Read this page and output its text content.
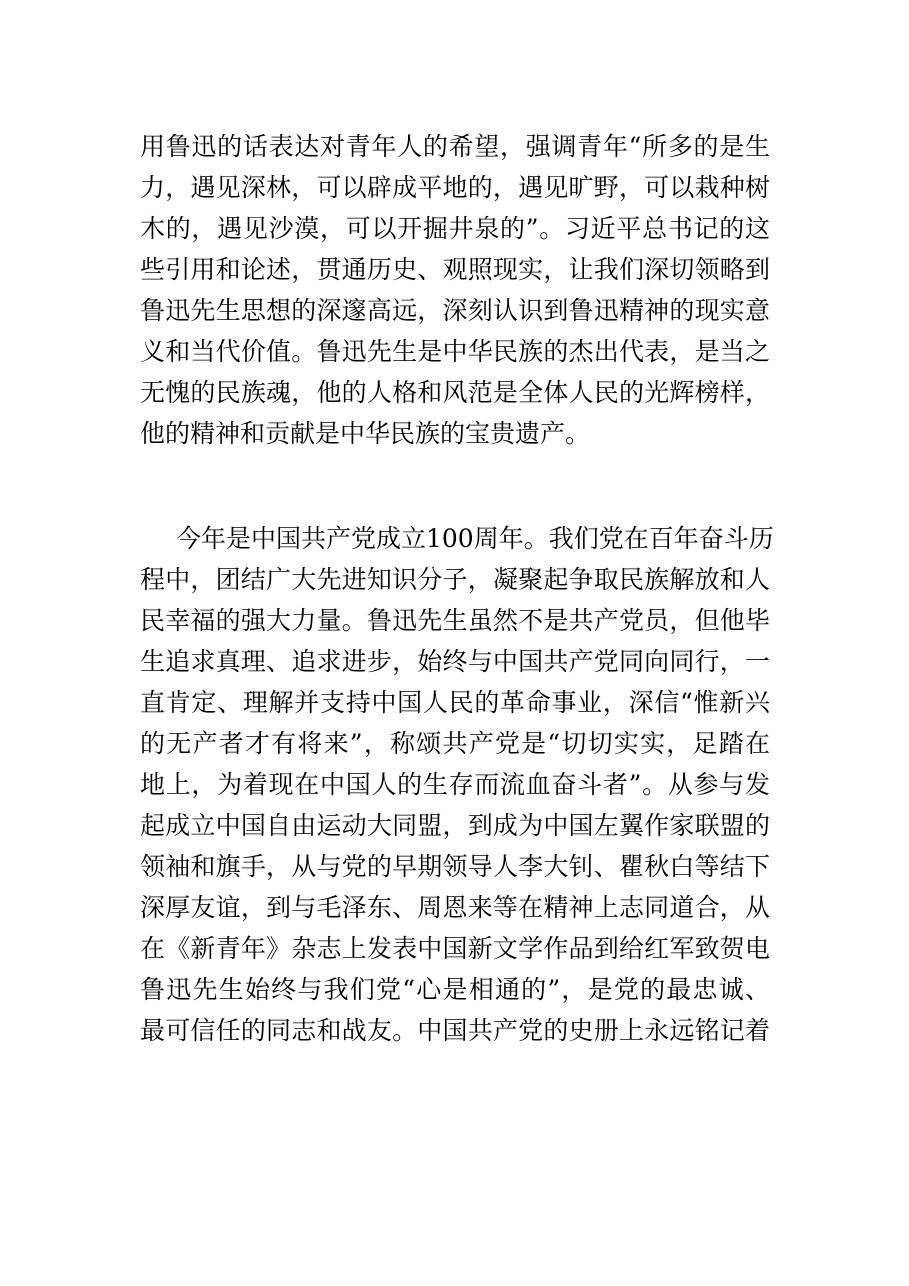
用鲁迅的话表达对青年人的希望，强调青年“所多的是生
力，遇见深林，可以辟成平地的，遇见旷野，可以栽种树
木的，遇见沙漠，可以开掘井泉的”。习近平总书记的这
些引用和论述，贯通历史、观照现实，让我们深切领略到
鲁迅先生思想的深邃高远，深刻认识到鲁迅精神的现实意
义和当代价值。鲁迅先生是中华民族的杰出代表，是当之
无愧的民族魂，他的人格和风范是全体人民的光辉榜样，
他的精神和贡献是中华民族的宝贵遗产。
今年是中国共产党成立100周年。我们党在百年奋斗历
程中，团结广大先进知识分子，凝聚起争取民族解放和人
民幸福的强大力量。鲁迅先生虽然不是共产党员，但他毕
生追求真理、追求进步，始终与中国共产党同向同行，一
直肯定、理解并支持中国人民的革命事业，深信“惟新兴
的无产者才有将来”，称颂共产党是“切切实实，足踏在
地上，为着现在中国人的生存而流血奋斗者”。从参与发
起成立中国自由运动大同盟，到成为中国左翼作家联盟的
领袖和旗手，从与党的早期领导人李大钊、瞿秋白等结下
深厚友谊，到与毛泽东、周恩来等在精神上志同道合，从
在《新青年》杂志上发表中国新文学作品到给红军致贺电
鲁迅先生始终与我们党“心是相通的”，是党的最忠诚、
最可信任的同志和战友。中国共产党的史册上永远铭记着
